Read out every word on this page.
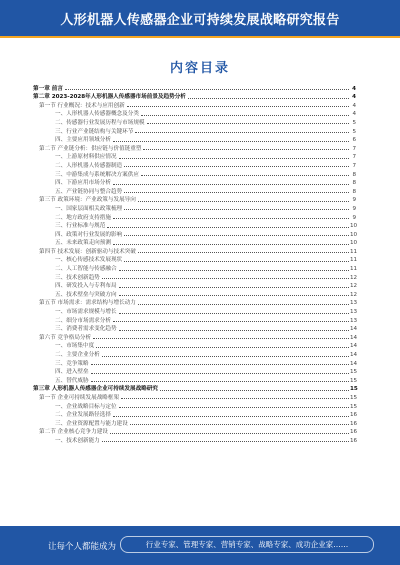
人形机器人传感器企业可持续发展战略研究报告
内容目录
第一章 前言	4
第二章 2023-2028年人形机器人传感器市场前景及趋势分析	4
第一节 行业概况：技术与应用创新	4
一、人形机器人传感器概念及分类	4
二、传感器行业发展历程与市场规模	5
三、行业产业链结构与关键环节	5
四、主要应用领域分析	6
第二节 产业链分析：供应链与价值链重塑	7
一、上游原材料供应情况	7
二、人形机器人传感器制造	7
三、中游集成与系统解决方案供应	8
四、下游应用市场分析	8
五、产业链协同与整合趋势	8
第三节 政策环境：产业政策与发展导向	9
一、国家层面相关政策梳理	9
二、地方政府支持措施	9
三、行业标准与规范	10
四、政策对行业发展的影响	10
五、未来政策走向预测	10
第四节 技术发展：创新驱动与技术突破	11
一、核心传感技术发展现状	11
二、人工智能与传感融合	11
三、技术创新趋势	12
四、研发投入与专利布局	12
五、技术壁垒与突破方向	12
第五节 市场需求：需求结构与增长动力	13
一、市场需求规模与增长	13
二、细分市场需求分析	13
三、消费者需求变化趋势	14
第六节 竞争格局分析	14
一、市场集中度	14
二、主要企业分析	14
三、竞争策略	14
四、进入壁垒	15
五、替代威胁	15
第三章 人形机器人传感器企业可持续发展战略研究	15
第一节 企业可持续发展战略框架	15
一、企业战略目标与定位	15
二、企业发展路径选择	16
三、企业资源配置与能力建设	16
第二节 企业核心竞争力建设	16
一、技术创新能力	16
让每个人都能成为	行业专家、管理专家、营销专家、战略专家、成功企业家……
